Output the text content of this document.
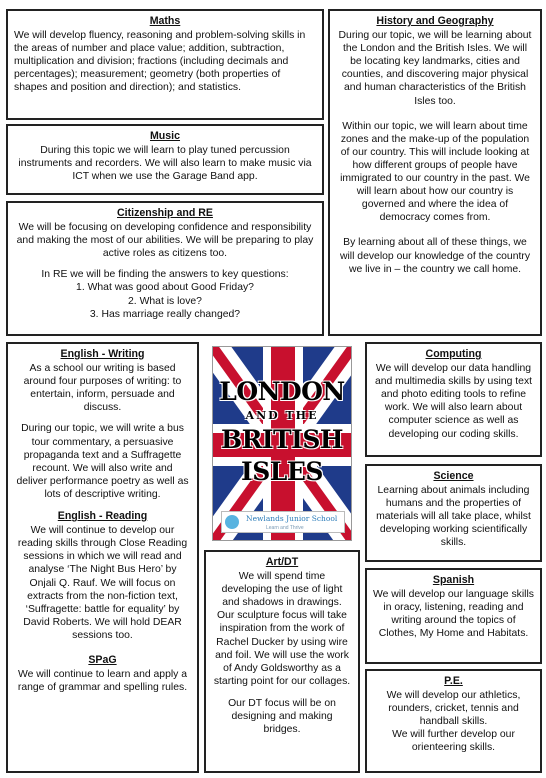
Maths

We will develop fluency, reasoning and problem-solving skills in the areas of number and place value; addition, subtraction, multiplication and division; fractions (including decimals and percentages); measurement; geometry (both properties of shapes and position and direction); and statistics.

Music

During this topic we will learn to play tuned percussion instruments and recorders. We will also learn to make music via ICT when we use the Garage Band app.

Citizenship and RE

We will be focusing on developing confidence and responsibility and making the most of our abilities. We will be preparing to play active roles as citizens too.

In RE we will be finding the answers to key questions:

1. What was good about Good Friday?
2. What is love?
3. Has marriage really changed?
History and Geography

During our topic, we will be learning about the London and the British Isles. We will be locating key landmarks, cities and counties, and discovering major physical and human characteristics of the British Isles too.

Within our topic, we will learn about time zones and the make-up of the population of our country. This will include looking at how different groups of people have immigrated to our country in the past. We will learn about how our country is governed and where the idea of democracy comes from.

By learning about all of these things, we will develop our knowledge of the country we live in – the country we call home.

English - Writing

As a school our writing is based around four purposes of writing: to entertain, inform, persuade and discuss.

During our topic, we will write a bus tour commentary, a persuasive propaganda text and a Suffragette recount. We will also write and deliver performance poetry as well as lots of descriptive writing.

English - Reading

We will continue to develop our reading skills through Close Reading sessions in which we will read and analyse ‘The Night Bus Hero’ by Onjali Q. Rauf. We will focus on extracts from the non-fiction text, ‘Suffragette: battle for equality’ by David Roberts. We will hold DEAR sessions too.

SPaG

We will continue to learn and apply a range of grammar and spelling rules.

LONDON
AND THE
BRITISH
ISLES
Newlands Junior School
Learn and Thrive
Art/DT

We will spend time developing the use of light and shadows in drawings. Our sculpture focus will take inspiration from the work of Rachel Ducker by using wire and foil. We will use the work of Andy Goldsworthy as a starting point for our collages.

Our DT focus will be on designing and making bridges.

Computing

We will develop our data handling and multimedia skills by using text and photo editing tools to refine work. We will also learn about computer science as well as developing our coding skills.

Science

Learning about animals including humans and the properties of materials will all take place, whilst developing working scientifically skills.

Spanish

We will develop our language skills in oracy, listening, reading and writing around the topics of Clothes, My Home and Habitats.

P.E.

We will develop our athletics, rounders, cricket, tennis and handball skills.

We will further develop our orienteering skills.
